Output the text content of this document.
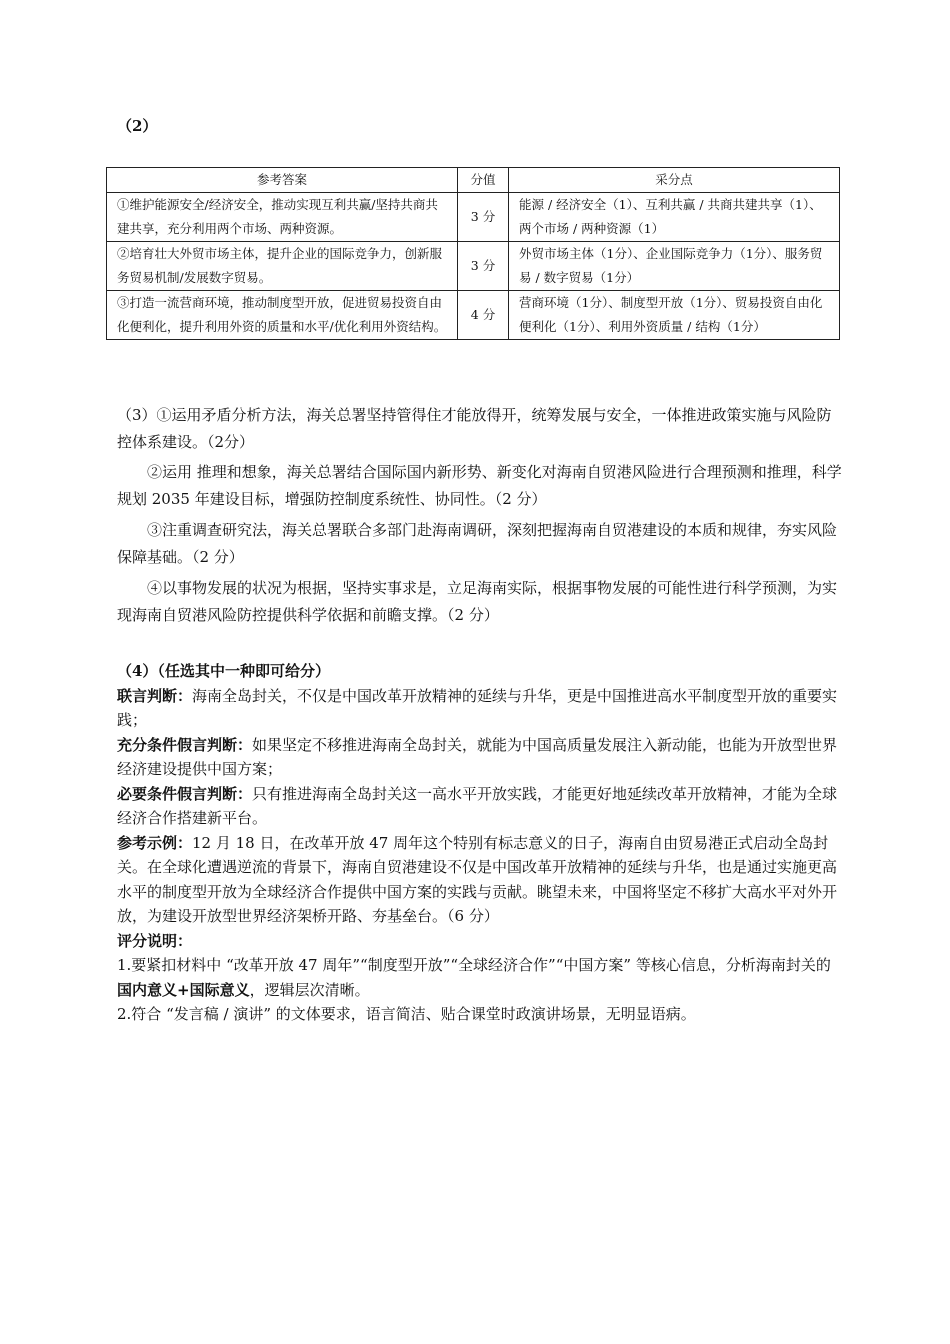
（2）
参考答案	分值	采分点
①维护能源安全/经济安全，推动实现互利共赢/坚持共商共建共享，充分利用两个市场、两种资源。	3 分	能源 / 经济安全（1）、互利共赢 / 共商共建共享（1）、两个市场 / 两种资源（1）
②培育壮大外贸市场主体，提升企业的国际竞争力，创新服务贸易机制/发展数字贸易。	3 分	外贸市场主体（1分）、企业国际竞争力（1分）、服务贸易 / 数字贸易（1分）
③打造一流营商环境，推动制度型开放，促进贸易投资自由化便利化，提升利用外资的质量和水平/优化利用外资结构。	4 分	营商环境（1分）、制度型开放（1分）、贸易投资自由化便利化（1分）、利用外资质量 / 结构（1分）
（3）①运用矛盾分析方法，海关总署坚持管得住才能放得开，统筹发展与安全，一体推进政策实施与风险防控体系建设。（2分）
②运用 推理和想象，海关总署结合国际国内新形势、新变化对海南自贸港风险进行合理预测和推理，科学规划 2035 年建设目标，增强防控制度系统性、协同性。（2 分）
③注重调查研究法，海关总署联合多部门赴海南调研，深刻把握海南自贸港建设的本质和规律，夯实风险保障基础。（2 分）
④以事物发展的状况为根据，坚持实事求是，立足海南实际，根据事物发展的可能性进行科学预测，为实现海南自贸港风险防控提供科学依据和前瞻支撑。（2 分）
（4）（任选其中一种即可给分）
联言判断：海南全岛封关，不仅是中国改革开放精神的延续与升华，更是中国推进高水平制度型开放的重要实践；
充分条件假言判断：如果坚定不移推进海南全岛封关，就能为中国高质量发展注入新动能，也能为开放型世界经济建设提供中国方案；
必要条件假言判断：只有推进海南全岛封关这一高水平开放实践，才能更好地延续改革开放精神，才能为全球经济合作搭建新平台。
参考示例：12 月 18 日，在改革开放 47 周年这个特别有标志意义的日子，海南自由贸易港正式启动全岛封关。在全球化遭遇逆流的背景下，海南自贸港建设不仅是中国改革开放精神的延续与升华，也是通过实施更高水平的制度型开放为全球经济合作提供中国方案的实践与贡献。眺望未来，中国将坚定不移扩大高水平对外开放，为建设开放型世界经济架桥开路、夯基垒台。（6 分）
评分说明：
1.要紧扣材料中 “改革开放 47 周年”“制度型开放”“全球经济合作”“中国方案” 等核心信息，分析海南封关的国内意义+国际意义，逻辑层次清晰。
2.符合 “发言稿 / 演讲” 的文体要求，语言简洁、贴合课堂时政演讲场景，无明显语病。
